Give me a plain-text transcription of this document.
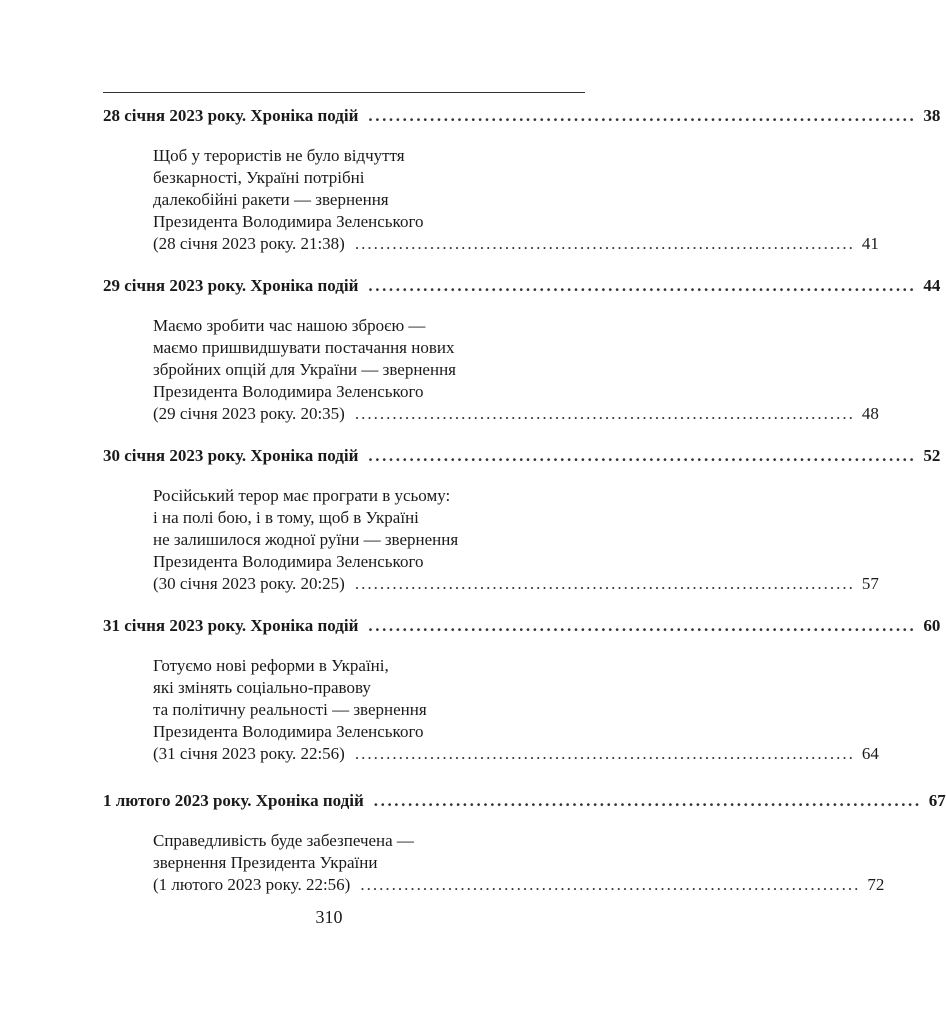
28 січня 2023 року. Хроніка подій ................................................................................ 38
Щоб у терористів не було відчуття
безкарності, Україні потрібні
далекобійні ракети — звернення
Президента Володимира Зеленського
(28 січня 2023 року. 21:38) ................................................................................ 41
29 січня 2023 року. Хроніка подій ................................................................................ 44
Маємо зробити час нашою зброєю —
маємо пришвидшувати постачання нових
збройних опцій для України — звернення
Президента Володимира Зеленського
(29 січня 2023 року. 20:35) ................................................................................ 48
30 січня 2023 року. Хроніка подій ................................................................................ 52
Російський терор має програти в усьому:
і на полі бою, і в тому, щоб в Україні
не залишилося жодної руїни — звернення
Президента Володимира Зеленського
(30 січня 2023 року. 20:25) ................................................................................ 57
31 січня 2023 року. Хроніка подій ................................................................................ 60
Готуємо нові реформи в Україні,
які змінять соціально-правову
та політичну реальності — звернення
Президента Володимира Зеленського
(31 січня 2023 року. 22:56) ................................................................................ 64
1 лютого 2023 року. Хроніка подій ................................................................................ 67
Справедливість буде забезпечена —
звернення Президента України
(1 лютого 2023 року. 22:56) ................................................................................ 72
310
